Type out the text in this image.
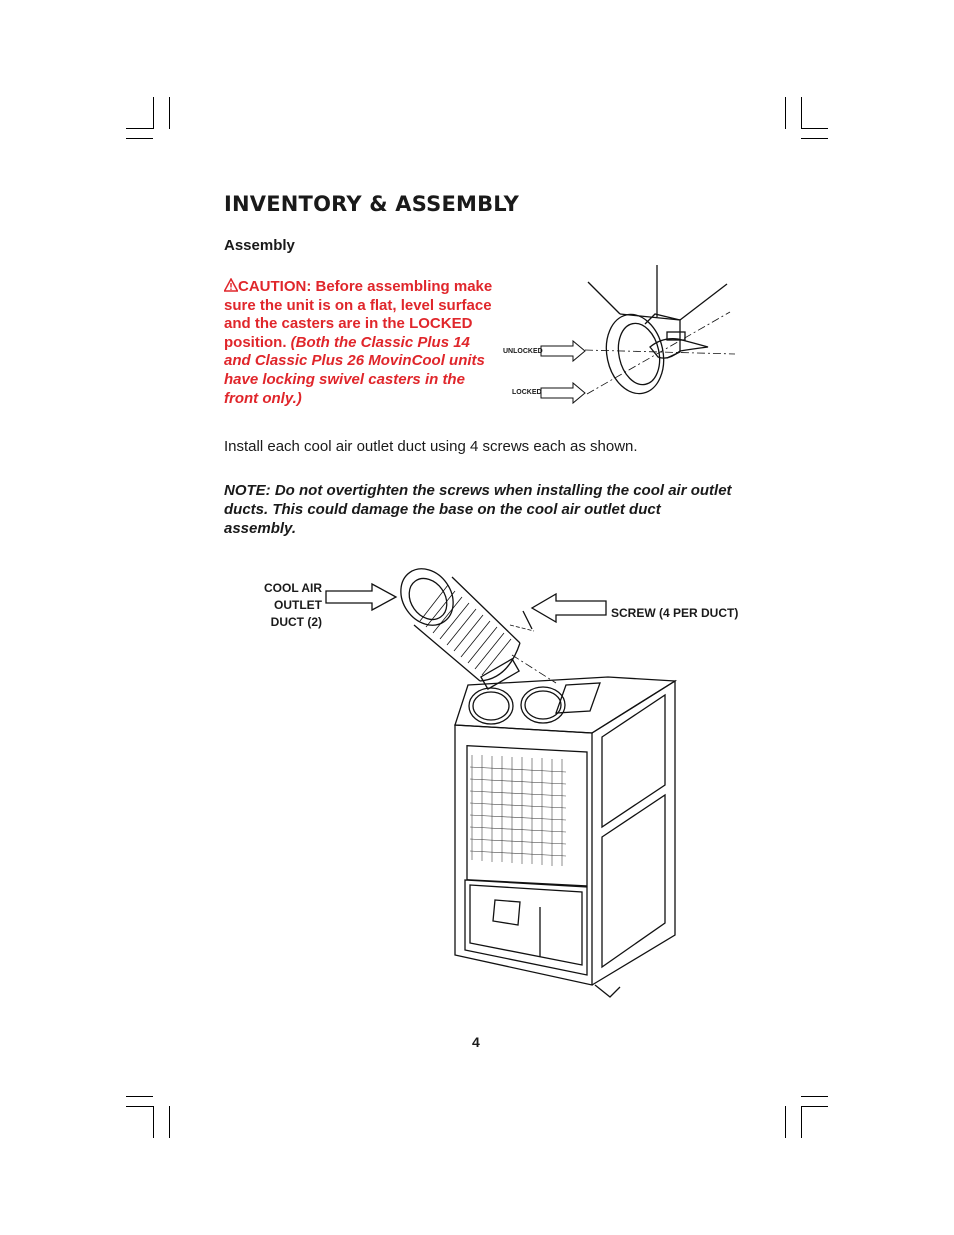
INVENTORY & ASSEMBLY
Assembly
CAUTION: Before assembling make sure the unit is on a flat, level surface and the casters are in the LOCKED position. (Both the Classic Plus 14 and Classic Plus 26 MovinCool units have locking swivel casters in the front only.)
UNLOCKED
LOCKED
Install each cool air outlet duct using 4 screws each as shown.
NOTE: Do not overtighten the screws when installing the cool air outlet ducts. This could damage the base on the cool air outlet duct assembly.
COOL AIR OUTLET
DUCT (2)
SCREW (4 PER DUCT)
4
